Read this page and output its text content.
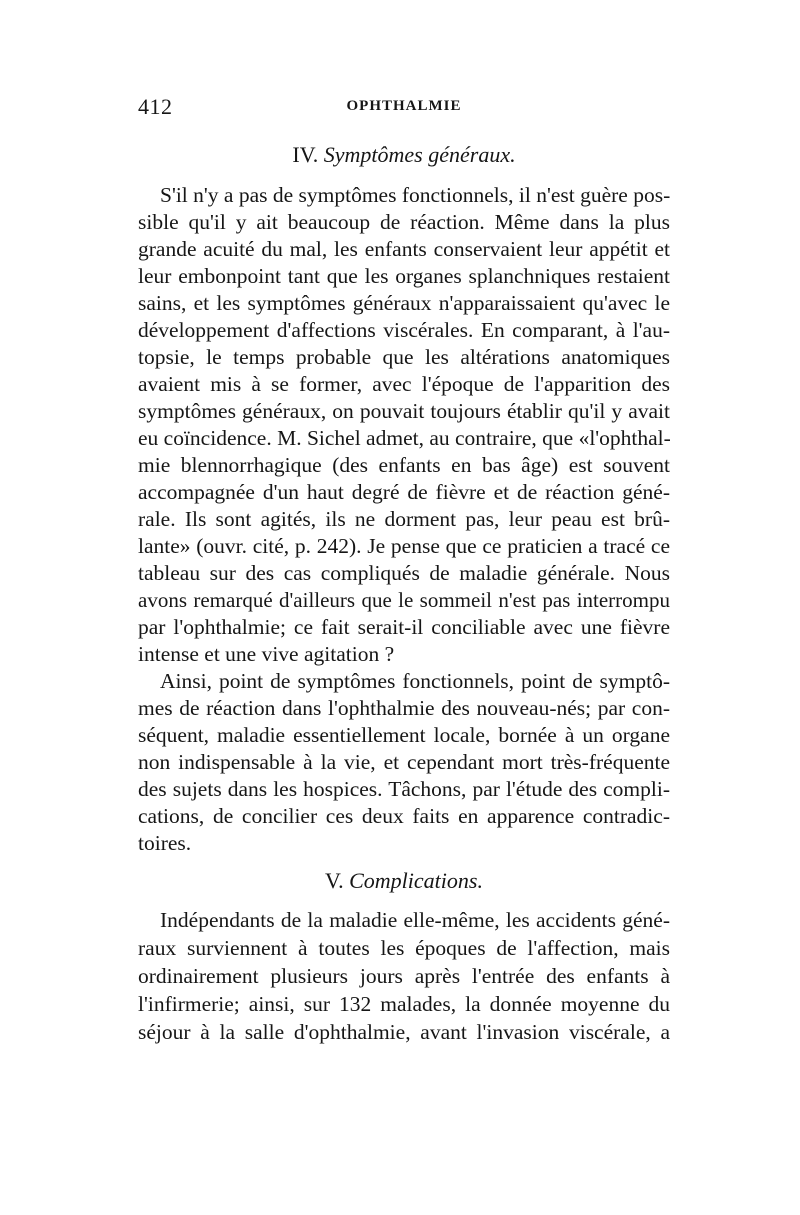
412	OPHTHALMIE
IV. Symptômes généraux.
S'il n'y a pas de symptômes fonctionnels, il n'est guère pos-
sible qu'il y ait beaucoup de réaction. Même dans la plus
grande acuité du mal, les enfants conservaient leur appétit et
leur embonpoint tant que les organes splanchniques restaient
sains, et les symptômes généraux n'apparaissaient qu'avec le
développement d'affections viscérales. En comparant, à l'au-
topsie, le temps probable que les altérations anatomiques
avaient mis à se former, avec l'époque de l'apparition des
symptômes généraux, on pouvait toujours établir qu'il y avait
eu coïncidence. M. Sichel admet, au contraire, que «l'ophthal-
mie blennorrhagique (des enfants en bas âge) est souvent
accompagnée d'un haut degré de fièvre et de réaction géné-
rale. Ils sont agités, ils ne dorment pas, leur peau est brû-
lante» (ouvr. cité, p. 242). Je pense que ce praticien a tracé ce
tableau sur des cas compliqués de maladie générale. Nous
avons remarqué d'ailleurs que le sommeil n'est pas interrompu
par l'ophthalmie; ce fait serait-il conciliable avec une fièvre
intense et une vive agitation ?
Ainsi, point de symptômes fonctionnels, point de symptô-
mes de réaction dans l'ophthalmie des nouveau-nés; par con-
séquent, maladie essentiellement locale, bornée à un organe
non indispensable à la vie, et cependant mort très-fréquente
des sujets dans les hospices. Tâchons, par l'étude des compli-
cations, de concilier ces deux faits en apparence contradic-
toires.
V. Complications.
Indépendants de la maladie elle-même, les accidents géné-
raux surviennent à toutes les époques de l'affection, mais
ordinairement plusieurs jours après l'entrée des enfants à
l'infirmerie; ainsi, sur 132 malades, la donnée moyenne du
séjour à la salle d'ophthalmie, avant l'invasion viscérale, a
